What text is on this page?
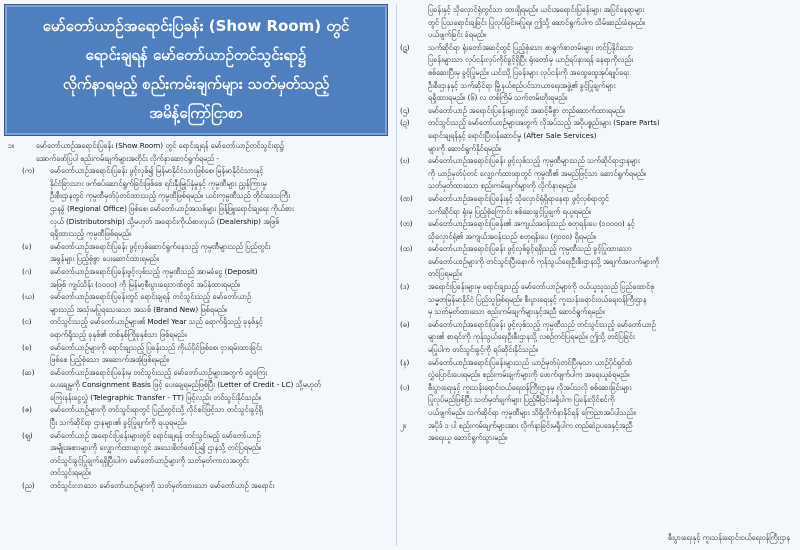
မော်တော်ယာဉ်အရောင်းပြခန်း (Show Room) တွင်
ရောင်းချရန် မော်တော်ယာဉ်တင်သွင်းရာ၌
လိုက်နာရမည့် စည်းကမ်းချက်များ သတ်မှတ်သည့်
အမိန့်ကြော်ငြာစာ
၁။	မော်တော်ယာဉ်အရောင်းပြခန်း (Show Room) တွင် ရောင်းချရန် မော်တော်ယာဉ်တင်သွင်းရာ၌
အောက်ဖော်ပြပါ စည်းကမ်းချက်များအတိုင်း လိုက်နာဆောင်ရွက်ရမည် -
(က)	မော်တော်ယာဉ်အရောင်းပြခန်း ဖွင့်လှစ်၍ မြန်မာနိုင်ငံသားဖြစ်စေ၊ မြန်မာနိုင်ငံသားနှင့်
နိုင်ငံခြားသား ဖက်စပ်ဆောင်ရွက်ခြင်းဖြစ်စေ ရင်းနှီးမြှုပ်နှံမှုနှင့် ကုမ္ပဏီများ ညွှန်ကြားမှု
ဦးစီးဌာနတွင် ကုမ္ပဏီမှတ်ပုံတင်ထားသည့် ကုမ္ပဏီဖြစ်ရမည်။ ယင်းကုမ္ပဏီသည် တိုင်းဒေသကြီး
ဌာနခွဲ (Regional Office) ဖြစ်စေ၊ မော်တော်ယာဉ်အသစ်များ ဖြန့်ဖြူးရောင်းချရေး ကိုယ်စား
လှယ် (Distributorship) သို့မဟုတ် အရောင်းကိုယ်စားလှယ် (Dealership) အဖြစ်
ရရှိထားသည့် ကုမ္ပဏီဖြစ်ရမည်။
(ခ)	မော်တော်ယာဉ်အရောင်းပြခန်း ဖွင့်လှစ်ဆောင်ရွက်နေသည့် ကုမ္ပဏီများသည် ပြည်တွင်း
အခွန်များ ပြည့်စုံစွာ ပေးဆောင်ထားရမည်။
(ဂ)	မော်တော်ယာဉ်အရောင်းပြခန်းဖွင့်လှစ်သည့် ကုမ္ပဏီသည် အာမခံငွေ (Deposit)
အဖြစ် ကျပ်သိန်း (၁၀၀၀) ကို မြန်မာ့စီးပွားရေးဘဏ်တွင် အပ်နှံထားရမည်။
(ဃ)	မော်တော်ယာဉ်အရောင်းပြခန်းတွင် ရောင်းချရန် တင်သွင်းသည့် မော်တော်ယာဉ်
များသည် အသုံးမပြုရသေးသော အသစ် (Brand New) ဖြစ်ရမည်။
(င)	တင်သွင်းသည့် မော်တော်ယာဉ်များ၏ Model Year သည် ရောက်ရှိသည့် ခုနှစ်နှင့်
ရောက်ရှိသည့် ခုနှစ်၏ တစ်နှစ်ကြိုခုနှစ်သာ ဖြစ်ရမည်။
(စ)	မော်တော်ယာဉ်များကို ရောင်းချသည့် ပြခန်းသည် ကိုယ်ပိုင်ဖြစ်စေ၊ ငှားရမ်းထားခြင်း
ဖြစ်စေ ပြည့်စုံသော အဆောက်အအုံဖြစ်ရမည်။
(ဆ)	မော်တော်ယာဉ်အရောင်းပြခန်းမှ တင်သွင်းသည့် မော်တော်ယာဉ်များအတွက် ငွေကြေး
ပေးချေမှုကို Consignment Basis ဖြင့် ပေးချေရမည်ဖြစ်ပြီး (Letter of Credit - LC) သို့မဟုတ်
ကြေးနန်းငွေလွှဲ (Telegraphic Transfer - TT) ဖြင့်လည်း တင်သွင်းနိုင်သည်။
(ဇ)	မော်တော်ယာဉ်များကို တင်သွင်းရာတွင် ပြည်တွင်းသို့ လိုင်စင်ဖြင့်သာ တင်သွင်းခွင့်ရှိ
ပြီး သက်ဆိုင်ရာ ဌာနများ၏ ခွင့်ပြုချက်ကို ရယူရမည်။
(ဈ)	မော်တော်ယာဉ် အရောင်းပြခန်းများတွင် ရောင်းချရန် တင်သွင်းမည့် မော်တော်ယာဉ်
အမျိုးအစားများကို လျှောက်ထားရာတွင် အသေးစိတ်ဖော်ပြ၍ ဌာနသို့ တင်ပြရမည်။
တင်သွင်းခွင့်ပြုချက်ရရှိပြီးပါက မော်တော်ယာဉ်များကို သတ်မှတ်ကာလအတွင်း
တင်သွင်းရမည်။
(ည)	တင်သွင်းလာသော မော်တော်ယာဉ်များကို သတ်မှတ်ထားသော မော်တော်ယာဉ် အရောင်း
ပြခန်းနှင့် သိုလှောင်ရုံတွင်သာ ထားရှိရမည်။ ယင်းအရောင်းပြခန်းများ အပြင်နေရာများ
တွင် ပြသရောင်းချခြင်း ပြုလုပ်ခြင်းမပြုရ။ ဤသို့ ဆောင်ရွက်ပါက သိမ်းဆည်းခံရမည်။
ပယ်ဖျက်ခြင်း ခံရမည်။
(ဋ)	သက်ဆိုင်ရာ ရုံးတော်အဆင့်တွင် ပြည့်စုံသော စာရွက်စာတမ်းများ တင်ပြနိုင်သော
ပြခန်းများသာ လုပ်ငန်းလုပ်ကိုင်ခွင့်ရှိပြီး ရုံးတော်မှ ယာဉ်ရပ်နားရန် နေရာကိုလည်း
စစ်ဆေးပြီးမှ ခွင့်ပြုမည်။ ယင်းသို့ ပြခန်းများ လုပ်ငန်းကို အထွေထွေအုပ်ချုပ်ရေး
ဦးစီးဌာနနှင့် သက်ဆိုင်ရာ မြို့နယ်စည်ပင်သာယာရေးအဖွဲ့၏ ခွင့်ပြုချက်များ
ရရှိထားရမည်။ (၆) လ တစ်ကြိမ် သက်တမ်းတိုးရမည်။
(ဌ)	မော်တော်ယာဉ် အရောင်းပြခန်းများတွင် အဆင့်မီစွာ တည်ဆောက်ထားရမည်။
(ဍ)	တင်သွင်းသည့် မော်တော်ယာဉ်များအတွက် လိုအပ်သည့် အပိုပစ္စည်းများ (Spare Parts)
ရောင်းချရန်နှင့် ရောင်းပြီးဝန်ဆောင်မှု (After Sale Services)
များကို ဆောင်ရွက်နိုင်ရမည်။
(ဎ)	မော်တော်ယာဉ်အရောင်းပြခန်း ဖွင့်လှစ်သည့် ကုမ္ပဏီများသည် သက်ဆိုင်ရာဌာနများ
ကို ယာဉ်မှတ်ပုံတင် လျှောက်ထားရာတွင် ကုမ္ပဏီ၏ အမည်ဖြင့်သာ ဆောင်ရွက်ရမည်။
သတ်မှတ်ထားသော စည်းကမ်းချက်များကို လိုက်နာရမည်။
(ဏ)	မော်တော်ယာဉ်အရောင်းပြခန်းနှင့် သိုလှောင်ရုံရှိရာနေရာ ဖွင့်လှစ်ရာတွင်
သက်ဆိုင်ရာ ရုံးမှ ပြည့်စုံကြောင်း စစ်ဆေးခွင့်ပြုချက် ရယူရမည်။
(တ)	မော်တော်ယာဉ်အရောင်းပြခန်း၏ အကျယ်အဝန်းသည် စတုရန်းပေ (၁၀၀၀၀) နှင့်
သိုလှောင်ရုံ၏ အကျယ်အဝန်းသည် စတုရန်းပေ (၅၀၀၀) ရှိရမည်။
(ထ)	မော်တော်ယာဉ်အရောင်းပြခန်း ဖွင့်လှစ်ခွင့်ရရှိသည့် ကုမ္ပဏီသည် ခွင့်ပြုထားသော
မော်တော်ယာဉ်များကို တင်သွင်းပြီးနောက် ကုန်သွယ်ရေးဦးစီးဌာနသို့ အချက်အလက်များကို
တင်ပြရမည်။
(ဒ)	အရောင်းပြခန်းများမှ ရောင်းချသည့် မော်တော်ယာဉ်များကို ဝယ်ယူသူသည် ပြည်ထောင်စု
သမ္မတမြန်မာနိုင်ငံ ပြည်သူဖြစ်ရမည်။ စီးပွားရေးနှင့် ကူးသန်းရောင်းဝယ်ရေးဝန်ကြီးဌာန
မှ သတ်မှတ်ထားသော စည်းကမ်းချက်များနှင့်အညီ ဆောင်ရွက်ရမည်။
(ဓ)	မော်တော်ယာဉ်အရောင်းပြခန်း ဖွင့်လှစ်သည့် ကုမ္ပဏီသည် တင်သွင်းသည့် မော်တော်ယာဉ်
များ၏ စာရင်းကို ကုန်သွယ်ရေးဦးစီးဌာနသို့ လစဉ်တင်ပြရမည်။ ဤသို့ တင်ပြခြင်း
မပြုပါက တင်သွင်းခွင့်ကို ရပ်ဆိုင်းနိုင်သည်။
(န)	မော်တော်ယာဉ်အရောင်းပြခန်းများသည် ယာဉ်မှတ်ပုံတင်ပြီးမှသာ ယာဉ်ပိုင်ရှင်ထံ
လွှဲပြောင်းပေးရမည်။ စည်းကမ်းချက်များကို ဖောက်ဖျက်ပါက အရေးယူခံရမည်။
(ပ)	စီးပွားရေးနှင့် ကူးသန်းရောင်းဝယ်ရေးဝန်ကြီးဌာနမှ လိုအပ်သလို စစ်ဆေးခြင်းများ
ပြုလုပ်မည်ဖြစ်ပြီး သတ်မှတ်ချက်များ ပြည့်မီခြင်းမရှိပါက ပြခန်းလိုင်စင်ကို
ပယ်ဖျက်မည်။ သက်ဆိုင်ရာ ကုမ္ပဏီများ သိရှိလိုက်နာနိုင်ရန် ကြေညာအပ်ပါသည်။
၂။	အပိုဒ် ၁ ပါ စည်းကမ်းချက်များအား လိုက်နာခြင်းမရှိပါက တည်ဆဲဥပဒေနှင့်အညီ
အရေးယူ ဆောင်ရွက်သွားမည်။
စီးပွားရေးနှင့် ကူးသန်းရောင်းဝယ်ရေးဝန်ကြီးဌာန
